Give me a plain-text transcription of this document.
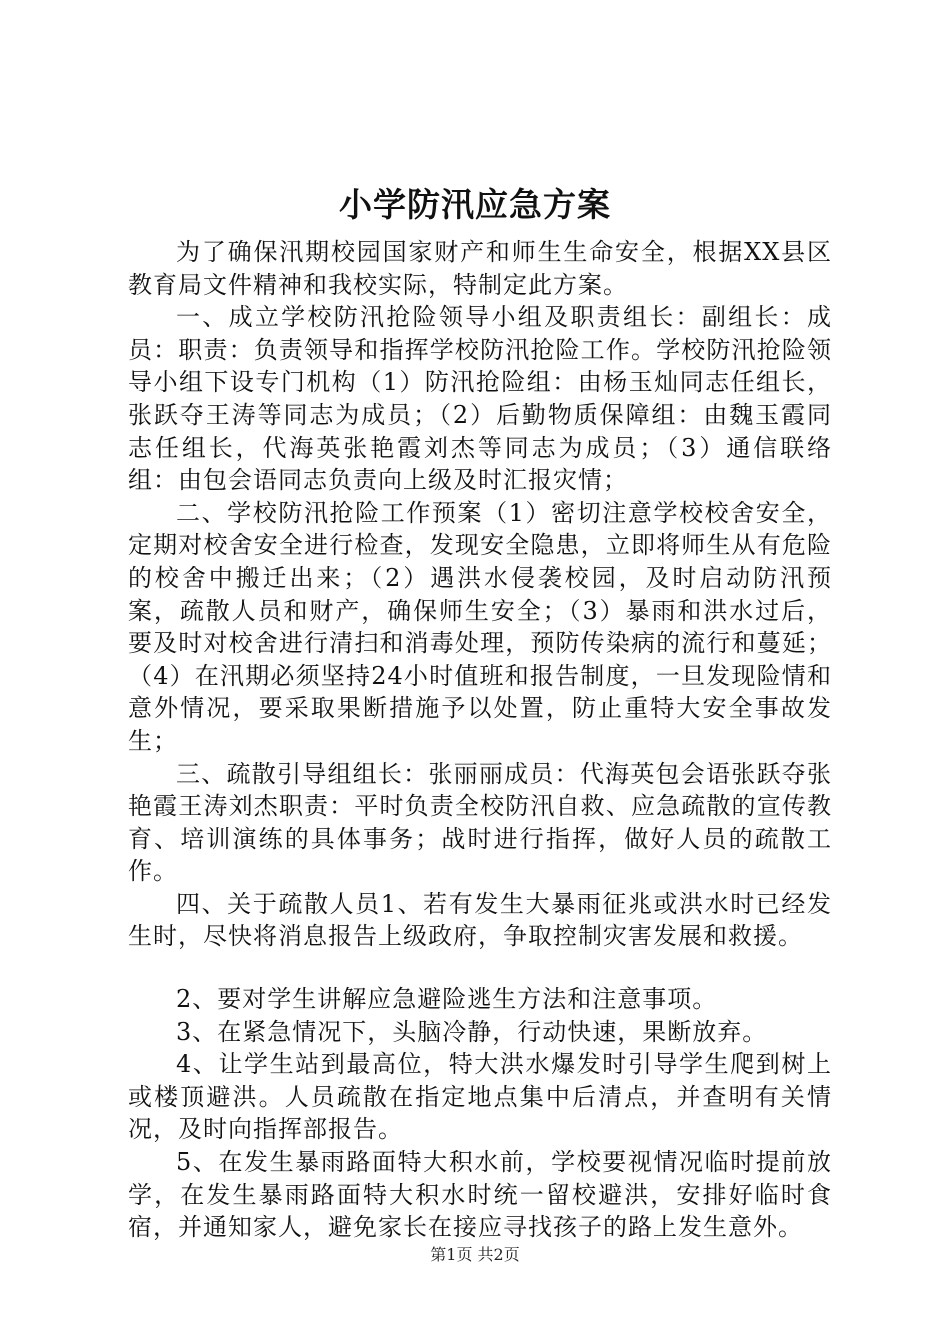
小学防汛应急方案

为了确保汛期校园国家财产和师生生命安全，根据XX县区教育局文件精神和我校实际，特制定此方案。

一、成立学校防汛抢险领导小组及职责组长：副组长：成员：职责：负责领导和指挥学校防汛抢险工作。学校防汛抢险领导小组下设专门机构（1）防汛抢险组：由杨玉灿同志任组长，张跃夺王涛等同志为成员；（2）后勤物质保障组：由魏玉霞同志任组长，代海英张艳霞刘杰等同志为成员；（3）通信联络组：由包会语同志负责向上级及时汇报灾情；

二、学校防汛抢险工作预案（1）密切注意学校校舍安全，定期对校舍安全进行检查，发现安全隐患，立即将师生从有危险的校舍中搬迁出来；（2）遇洪水侵袭校园，及时启动防汛预案，疏散人员和财产，确保师生安全；（3）暴雨和洪水过后，要及时对校舍进行清扫和消毒处理，预防传染病的流行和蔓延；（4）在汛期必须坚持24小时值班和报告制度，一旦发现险情和意外情况，要采取果断措施予以处置，防止重特大安全事故发生；

三、疏散引导组组长：张丽丽成员：代海英包会语张跃夺张艳霞王涛刘杰职责：平时负责全校防汛自救、应急疏散的宣传教育、培训演练的具体事务；战时进行指挥，做好人员的疏散工作。

四、关于疏散人员1、若有发生大暴雨征兆或洪水时已经发生时，尽快将消息报告上级政府，争取控制灾害发展和救援。

2、要对学生讲解应急避险逃生方法和注意事项。

3、在紧急情况下，头脑冷静，行动快速，果断放弃。

4、让学生站到最高位，特大洪水爆发时引导学生爬到树上或楼顶避洪。人员疏散在指定地点集中后清点，并查明有关情况，及时向指挥部报告。

5、在发生暴雨路面特大积水前，学校要视情况临时提前放学，在发生暴雨路面特大积水时统一留校避洪，安排好临时食宿，并通知家人，避免家长在接应寻找孩子的路上发生意外。

第1页 共2页
